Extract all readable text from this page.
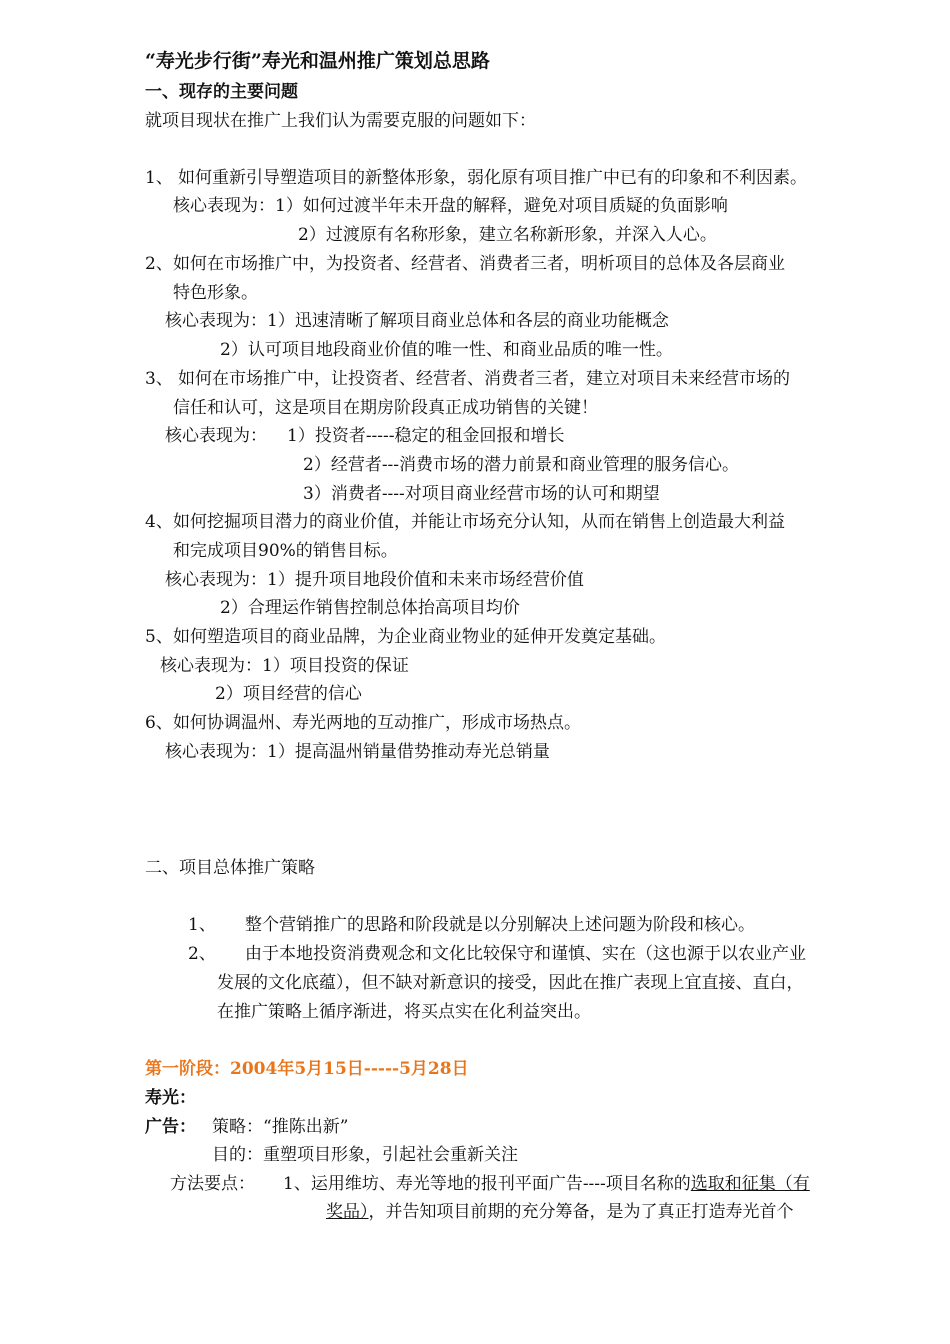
“寿光步行街”寿光和温州推广策划总思路
一、现存的主要问题
就项目现状在推广上我们认为需要克服的问题如下：
1、 如何重新引导塑造项目的新整体形象，弱化原有项目推广中已有的印象和不利因素。
核心表现为： 1）如何过渡半年未开盘的解释，避免对项目质疑的负面影响
2）过渡原有名称形象，建立名称新形象，并深入人心。
2、 如何在市场推广中，为投资者、经营者、消费者三者，明析项目的总体及各层商业
特色形象。
核心表现为： 1）迅速清晰了解项目商业总体和各层的商业功能概念
2）认可项目地段商业价值的唯一性、和商业品质的唯一性。
3、 如何在市场推广中，让投资者、经营者、消费者三者，建立对项目未来经营市场的
信任和认可，这是项目在期房阶段真正成功销售的关键！
核心表现为： 1）投资者-----稳定的租金回报和增长
2）经营者---消费市场的潜力前景和商业管理的服务信心。
3）消费者----对项目商业经营市场的认可和期望
4、 如何挖掘项目潜力的商业价值，并能让市场充分认知，从而在销售上创造最大利益
和完成项目90%的销售目标。
核心表现为： 1）提升项目地段价值和未来市场经营价值
2）合理运作销售控制总体抬高项目均价
5、 如何塑造项目的商业品牌，为企业商业物业的延伸开发奠定基础。
核心表现为： 1）项目投资的保证
2）项目经营的信心
6、 如何协调温州、寿光两地的互动推广，形成市场热点。
核心表现为： 1）提高温州销量借势推动寿光总销量
二、项目总体推广策略
1、 整个营销推广的思路和阶段就是以分别解决上述问题为阶段和核心。
2、 由于本地投资消费观念和文化比较保守和谨慎、实在（这也源于以农业产业
发展的文化底蕴），但不缺对新意识的接受，因此在推广表现上宜直接、直白，
在推广策略上循序渐进，将买点实在化利益突出。
第一阶段：2004年5月15日-----5月28日
寿光：
广告： 策略：“推陈出新”
目的：重塑项目形象，引起社会重新关注
方法要点： 1、运用维坊、寿光等地的报刊平面广告----项目名称的选取和征集（有
奖品），并告知项目前期的充分筹备，是为了真正打造寿光首个
